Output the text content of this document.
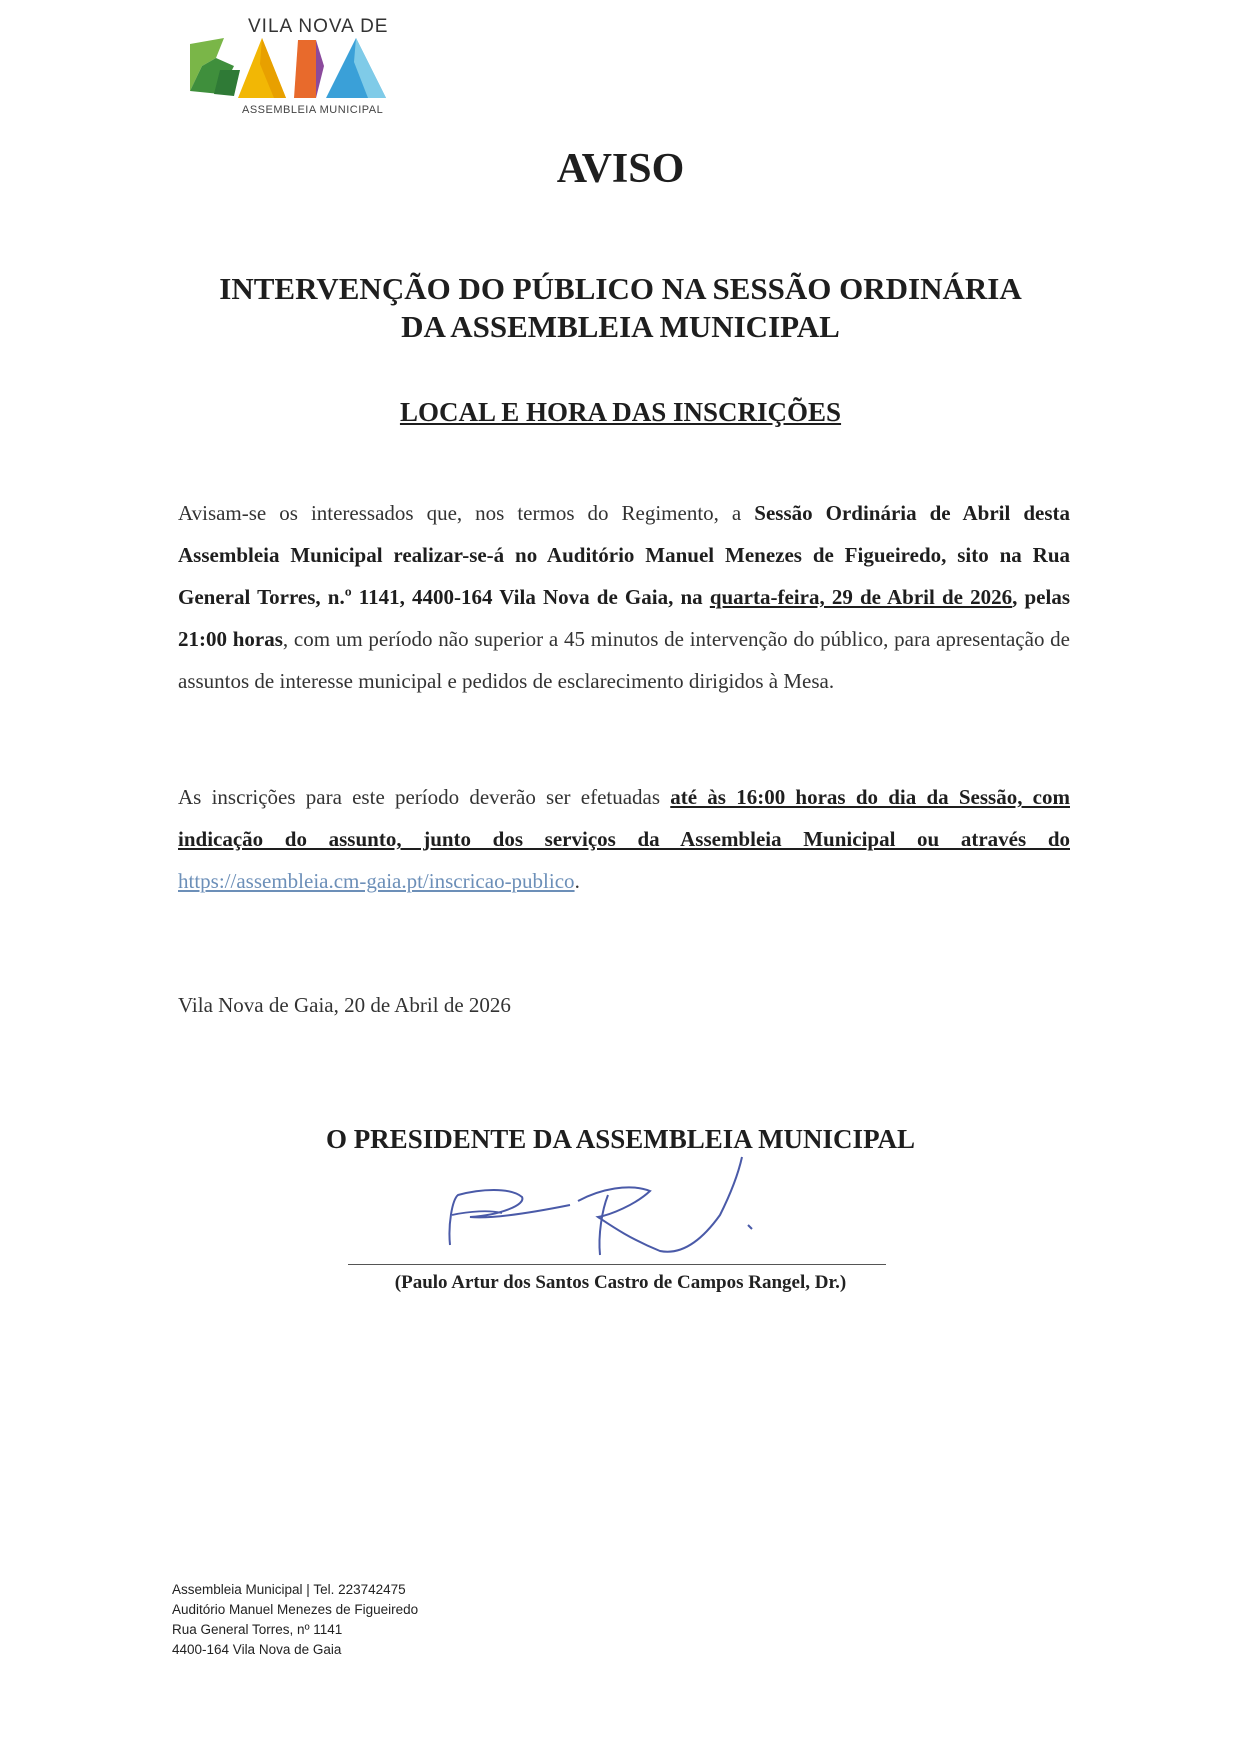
VILA NOVA DE
ASSEMBLEIA MUNICIPAL
AVISO
INTERVENÇÃO DO PÚBLICO NA SESSÃO ORDINÁRIA
DA ASSEMBLEIA MUNICIPAL
LOCAL E HORA DAS INSCRIÇÕES
Avisam-se os interessados que, nos termos do Regimento, a Sessão Ordinária de Abril desta Assembleia Municipal realizar-se-á no Auditório Manuel Menezes de Figueiredo, sito na Rua General Torres, n.º 1141, 4400-164 Vila Nova de Gaia, na quarta-feira, 29 de Abril de 2026, pelas 21:00 horas, com um período não superior a 45 minutos de intervenção do público, para apresentação de assuntos de interesse municipal e pedidos de esclarecimento dirigidos à Mesa.
As inscrições para este período deverão ser efetuadas até às 16:00 horas do dia da Sessão, com indicação do assunto, junto dos serviços da Assembleia Municipal ou através do https://assembleia.cm-gaia.pt/inscricao-publico.
Vila Nova de Gaia, 20 de Abril de 2026
O PRESIDENTE DA ASSEMBLEIA MUNICIPAL
(Paulo Artur dos Santos Castro de Campos Rangel, Dr.)
Assembleia Municipal | Tel. 223742475
Auditório Manuel Menezes de Figueiredo
Rua General Torres, nº 1141
4400-164 Vila Nova de Gaia
